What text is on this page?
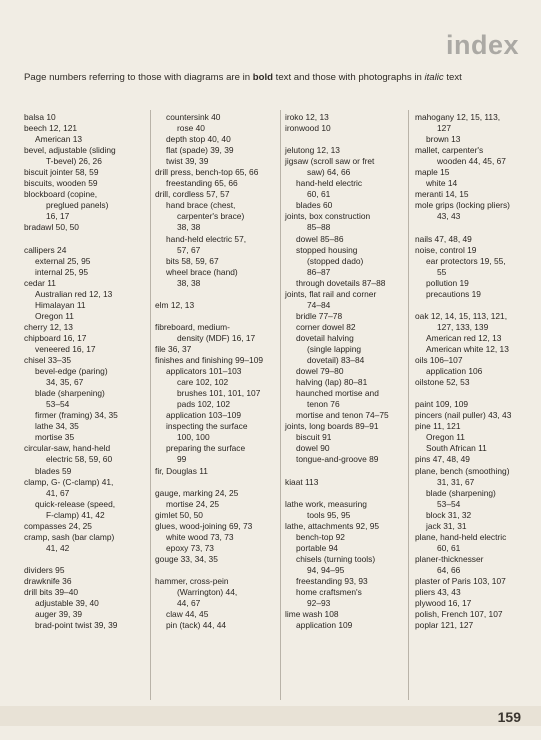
index
Page numbers referring to those with diagrams are in bold text and those with photographs in italic text
balsa 10
beech 12, 121
American 13
bevel, adjustable (sliding
T-bevel) 26, 26
biscuit jointer 58, 59
biscuits, wooden 59
blockboard (copine,
preglued panels)
16, 17
bradawl 50, 50
callipers 24
external 25, 95
internal 25, 95
cedar 11
Australian red 12, 13
Himalayan 11
Oregon 11
cherry 12, 13
chipboard 16, 17
veneered 16, 17
chisel 33–35
bevel-edge (paring)
34, 35, 67
blade (sharpening)
53–54
firmer (framing) 34, 35
lathe 34, 35
mortise 35
circular-saw, hand-held
electric 58, 59, 60
blades 59
clamp, G- (C-clamp) 41,
41, 67
quick-release (speed,
F-clamp) 41, 42
compasses 24, 25
cramp, sash (bar clamp)
41, 42
dividers 95
drawknife 36
drill bits 39–40
adjustable 39, 40
auger 39, 39
brad-point twist 39, 39
countersink 40
rose 40
depth stop 40, 40
flat (spade) 39, 39
twist 39, 39
drill press, bench-top 65, 66
freestanding 65, 66
drill, cordless 57, 57
hand brace (chest,
carpenter's brace)
38, 38
hand-held electric 57,
57, 67
bits 58, 59, 67
wheel brace (hand)
38, 38
elm 12, 13
fibreboard, medium-
density (MDF) 16, 17
file 36, 37
finishes and finishing 99–109
applicators 101–103
care 102, 102
brushes 101, 101, 107
pads 102, 102
application 103–109
inspecting the surface
100, 100
preparing the surface
99
fir, Douglas 11
gauge, marking 24, 25
mortise 24, 25
gimlet 50, 50
glues, wood-joining 69, 73
white wood 73, 73
epoxy 73, 73
gouge 33, 34, 35
hammer, cross-pein
(Warrington) 44,
44, 67
claw 44, 45
pin (tack) 44, 44
iroko 12, 13
ironwood 10
jelutong 12, 13
jigsaw (scroll saw or fret
saw) 64, 66
hand-held electric
60, 61
blades 60
joints, box construction
85–88
dowel 85–86
stopped housing
(stopped dado)
86–87
through dovetails 87–88
joints, flat rail and corner
74–84
bridle 77–78
corner dowel 82
dovetail halving
(single lapping
dovetail) 83–84
dowel 79–80
halving (lap) 80–81
haunched mortise and
tenon 76
mortise and tenon 74–75
joints, long boards 89–91
biscuit 91
dowel 90
tongue-and-groove 89
kiaat 113
lathe work, measuring
tools 95, 95
lathe, attachments 92, 95
bench-top 92
portable 94
chisels (turning tools)
94, 94–95
freestanding 93, 93
home craftsmen's
92–93
lime wash 108
application 109
mahogany 12, 15, 113,
127
brown 13
mallet, carpenter's
wooden 44, 45, 67
maple 15
white 14
meranti 14, 15
mole grips (locking pliers)
43, 43
nails 47, 48, 49
noise, control 19
ear protectors 19, 55,
55
pollution 19
precautions 19
oak 12, 14, 15, 113, 121,
127, 133, 139
American red 12, 13
American white 12, 13
oils 106–107
application 106
oilstone 52, 53
paint 109, 109
pincers (nail puller) 43, 43
pine 11, 121
Oregon 11
South African 11
pins 47, 48, 49
plane, bench (smoothing)
31, 31, 67
blade (sharpening)
53–54
block 31, 32
jack 31, 31
plane, hand-held electric
60, 61
planer-thicknesser
64, 66
plaster of Paris 103, 107
pliers 43, 43
plywood 16, 17
polish, French 107, 107
poplar 121, 127
159
